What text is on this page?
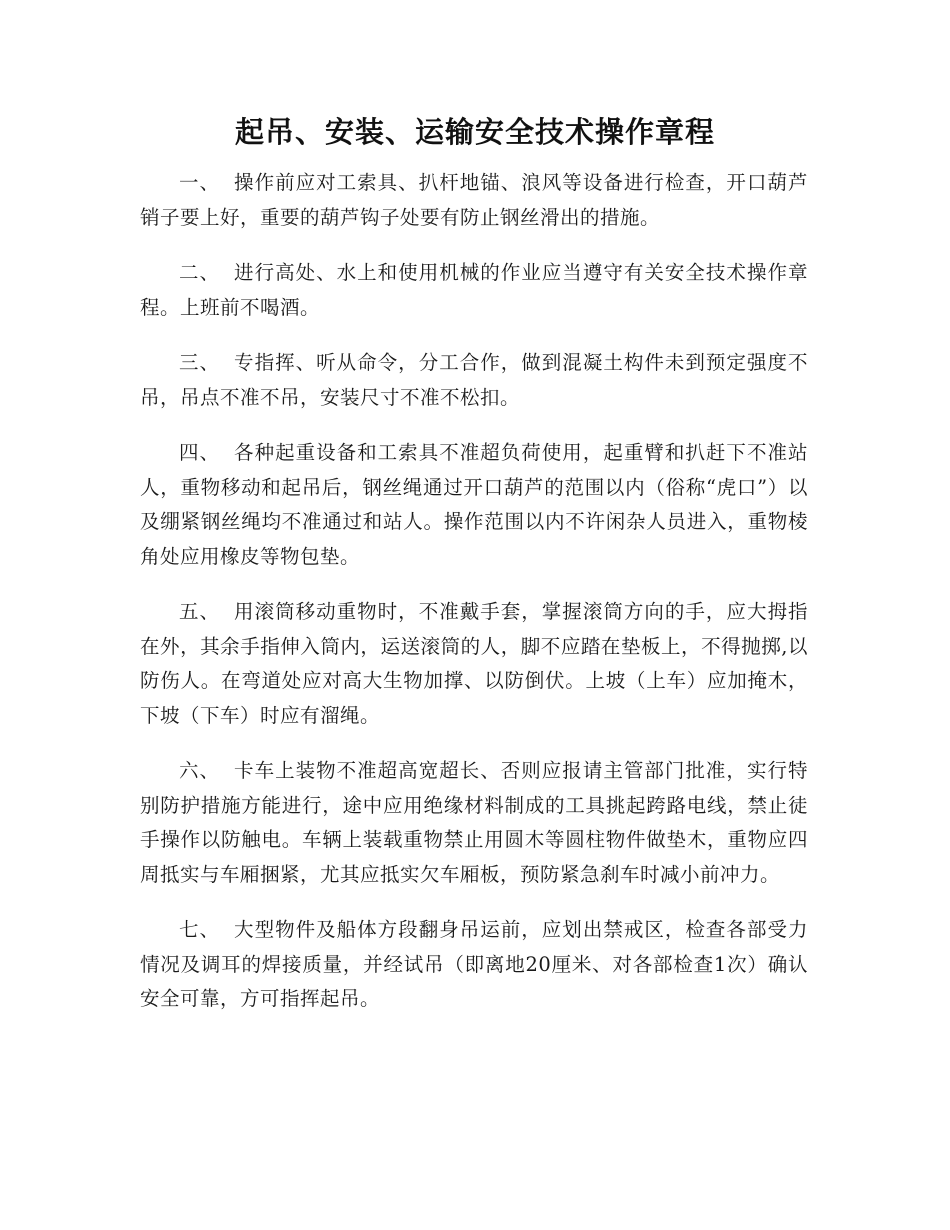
起吊、安装、运输安全技术操作章程

一、 操作前应对工索具、扒杆地锚、浪风等设备进行检查，开口葫芦销子要上好，重要的葫芦钩子处要有防止钢丝滑出的措施。

二、 进行高处、水上和使用机械的作业应当遵守有关安全技术操作章程。上班前不喝酒。

三、 专指挥、听从命令，分工合作，做到混凝土构件未到预定强度不吊，吊点不准不吊，安装尺寸不准不松扣。

四、 各种起重设备和工索具不准超负荷使用，起重臂和扒赶下不准站人，重物移动和起吊后，钢丝绳通过开口葫芦的范围以内（俗称“虎口”）以及绷紧钢丝绳均不准通过和站人。操作范围以内不许闲杂人员进入，重物棱角处应用橡皮等物包垫。

五、 用滚筒移动重物时，不准戴手套，掌握滚筒方向的手，应大拇指在外，其余手指伸入筒内，运送滚筒的人，脚不应踏在垫板上，不得抛掷,以防伤人。在弯道处应对高大生物加撑、以防倒伏。上坡（上车）应加掩木，下坡（下车）时应有溜绳。

六、 卡车上装物不准超高宽超长、否则应报请主管部门批准，实行特别防护措施方能进行，途中应用绝缘材料制成的工具挑起跨路电线，禁止徒手操作以防触电。车辆上装载重物禁止用圆木等圆柱物件做垫木，重物应四周抵实与车厢捆紧，尤其应抵实欠车厢板，预防紧急刹车时减小前冲力。

七、 大型物件及船体方段翻身吊运前，应划出禁戒区，检查各部受力情况及调耳的焊接质量，并经试吊（即离地20厘米、对各部检查1次）确认安全可靠，方可指挥起吊。
